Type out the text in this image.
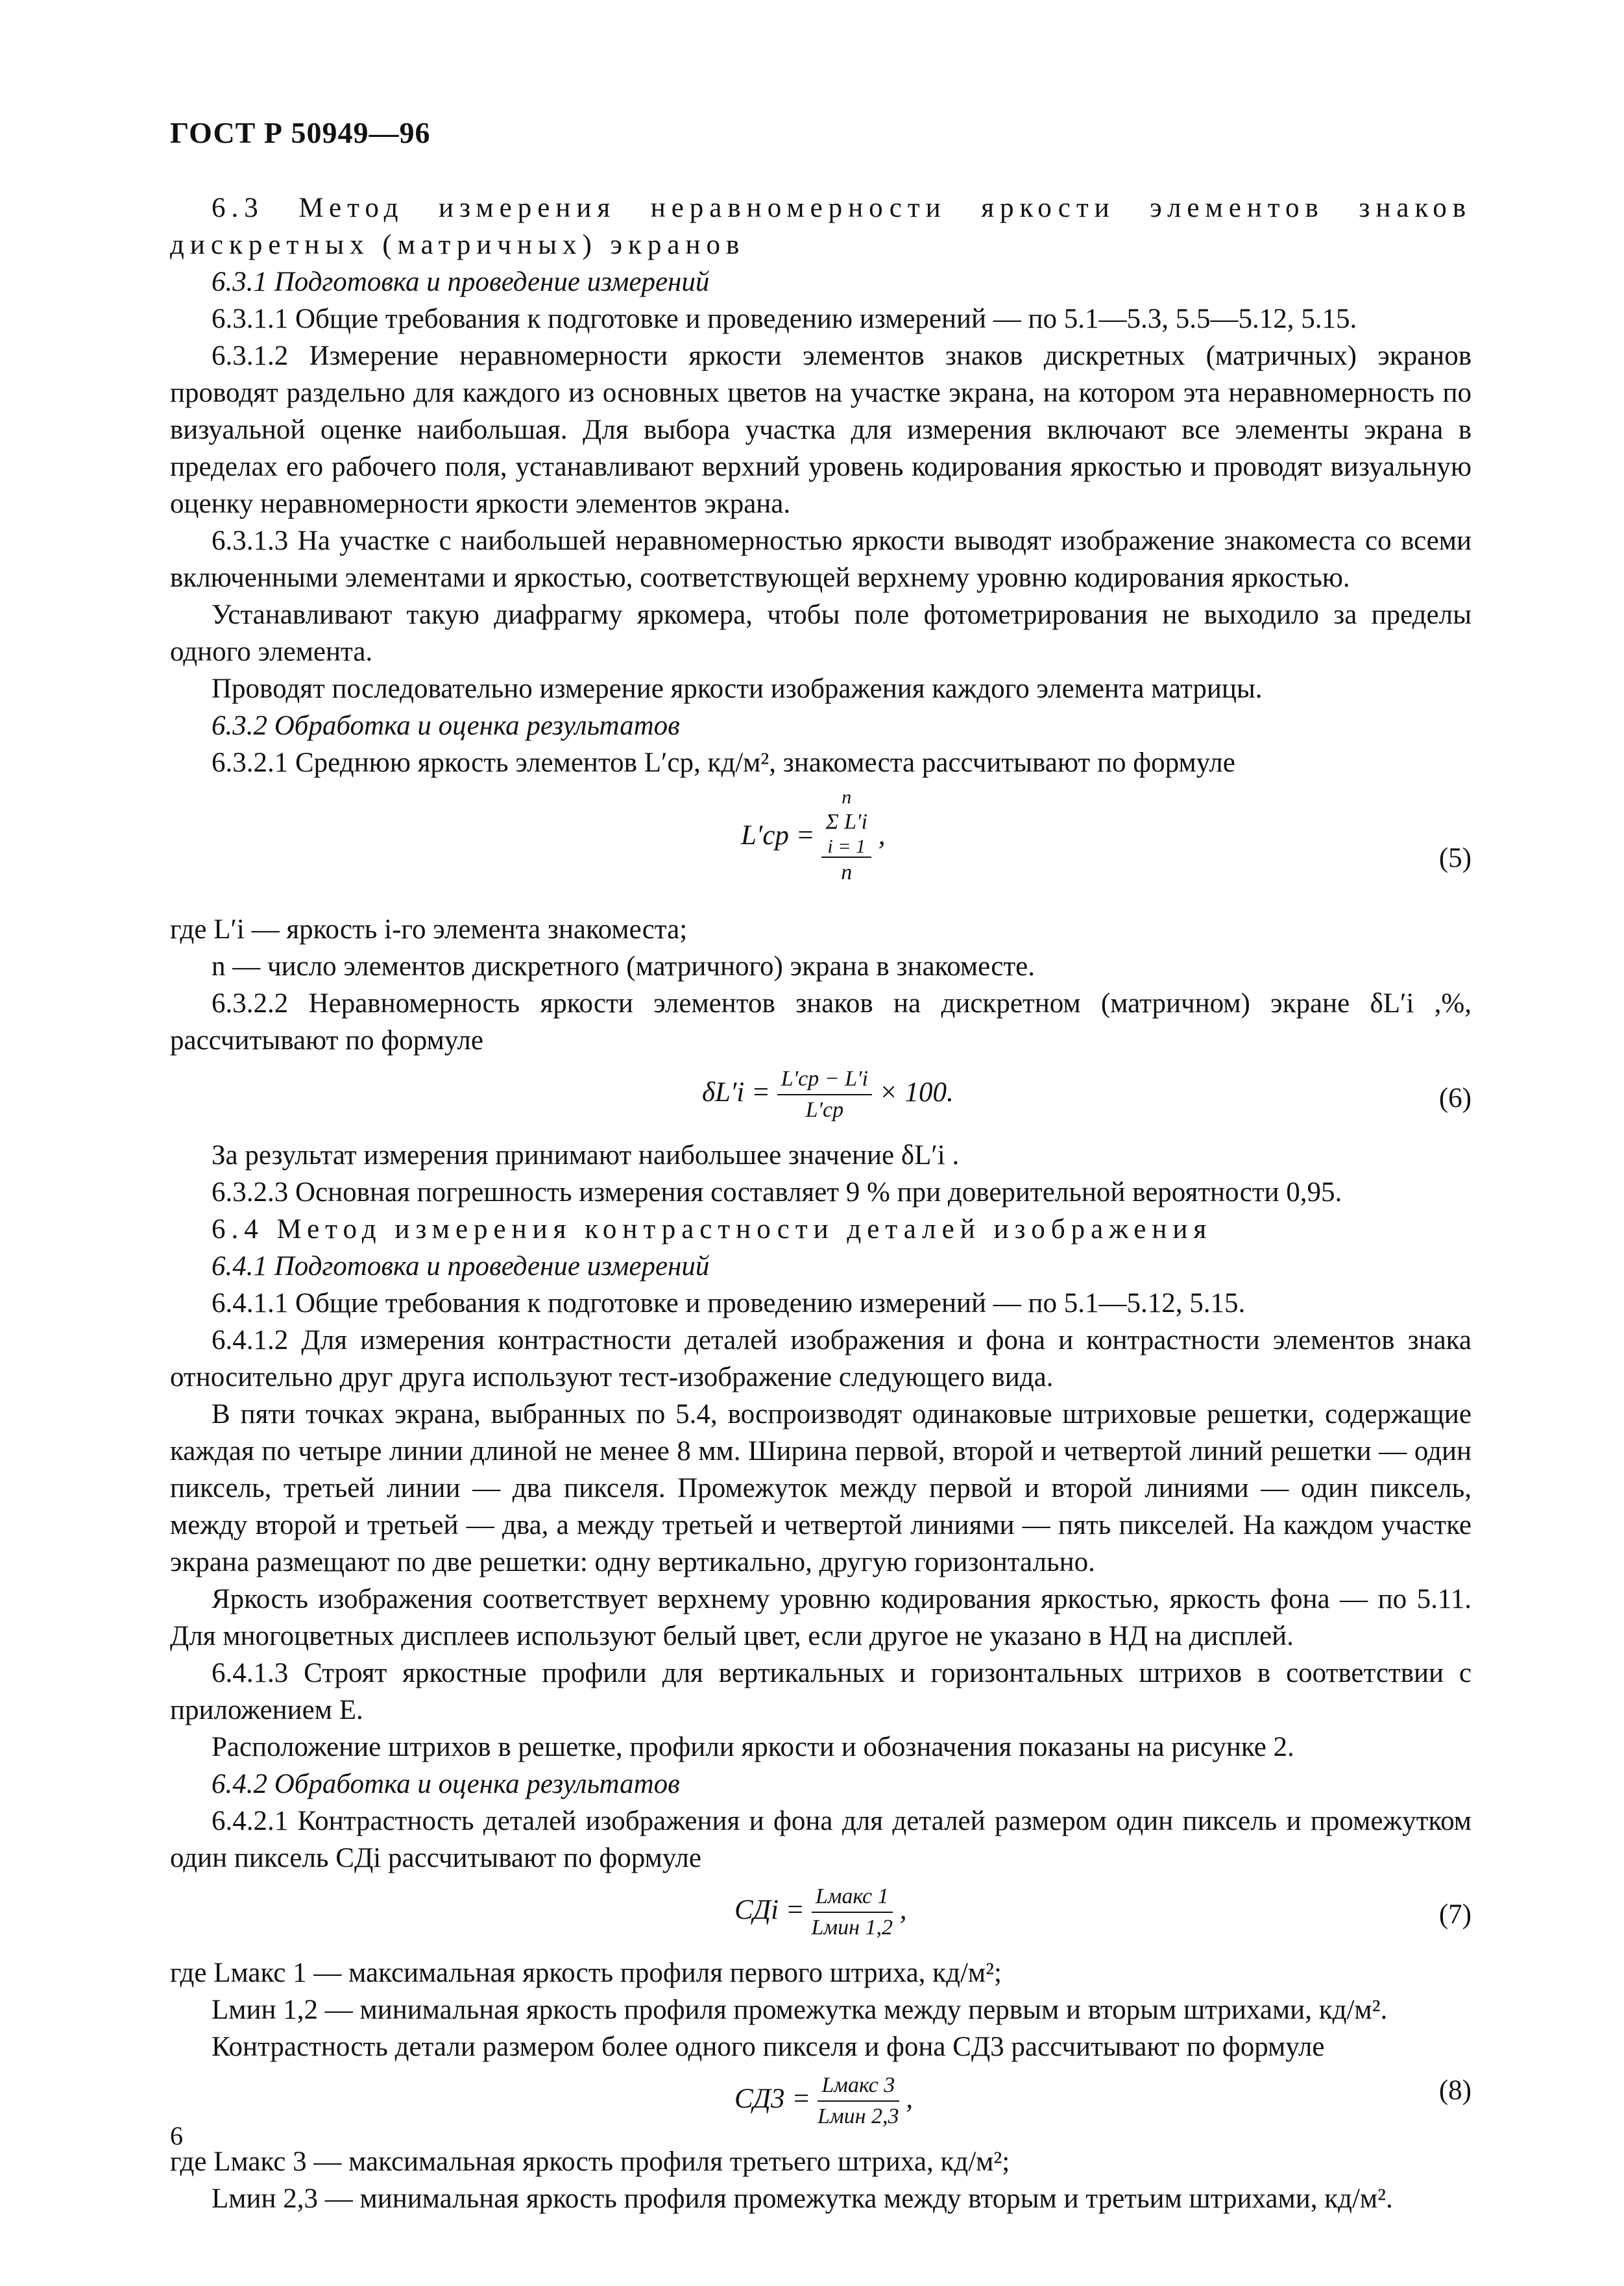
ГОСТ Р 50949—96

6.3 Метод измерения неравномерности яркости элементов знаков дискретных (матричных) экранов

6.3.1 Подготовка и проведение измерений

6.3.1.1 Общие требования к подготовке и проведению измерений — по 5.1—5.3, 5.5—5.12, 5.15.

6.3.1.2 Измерение неравномерности яркости элементов знаков дискретных (матричных) экранов проводят раздельно для каждого из основных цветов на участке экрана, на котором эта неравномерность по визуальной оценке наибольшая. Для выбора участка для измерения включают все элементы экрана в пределах его рабочего поля, устанавливают верхний уровень кодирования яркостью и проводят визуальную оценку неравномерности яркости элементов экрана.

6.3.1.3 На участке с наибольшей неравномерностью яркости выводят изображение знакоместа со всеми включенными элементами и яркостью, соответствующей верхнему уровню кодирования яркостью.

Устанавливают такую диафрагму яркомера, чтобы поле фотометрирования не выходило за пределы одного элемента.

Проводят последовательно измерение яркости изображения каждого элемента матрицы.

6.3.2 Обработка и оценка результатов

6.3.2.1 Среднюю яркость элементов L′ср, кд/м², знакоместа рассчитывают по формуле

L′ср = n
Σ L′i
i = 1
n ,
(5)

где L′i — яркость i-го элемента знакоместа;

n — число элементов дискретного (матричного) экрана в знакоместе.

6.3.2.2 Неравномерность яркости элементов знаков на дискретном (матричном) экране δL′i ,%, рассчитывают по формуле

$\delta L'i = \frac{L'ср - L'i}{L'ср} \times 100$.	(6)

За результат измерения принимают наибольшее значение δL′i .

6.3.2.3 Основная погрешность измерения составляет 9 % при доверительной вероятности 0,95.

6.4 Метод измерения контрастности деталей изображения

6.4.1 Подготовка и проведение измерений

6.4.1.1 Общие требования к подготовке и проведению измерений — по 5.1—5.12, 5.15.

6.4.1.2 Для измерения контрастности деталей изображения и фона и контрастности элементов знака относительно друг друга используют тест-изображение следующего вида.

В пяти точках экрана, выбранных по 5.4, воспроизводят одинаковые штриховые решетки, содержащие каждая по четыре линии длиной не менее 8 мм. Ширина первой, второй и четвертой линий решетки — один пиксель, третьей линии — два пикселя. Промежуток между первой и второй линиями — один пиксель, между второй и третьей — два, а между третьей и четвертой линиями — пять пикселей. На каждом участке экрана размещают по две решетки: одну вертикально, другую горизонтально.

Яркость изображения соответствует верхнему уровню кодирования яркостью, яркость фона — по 5.11. Для многоцветных дисплеев используют белый цвет, если другое не указано в НД на дисплей.

6.4.1.3 Строят яркостные профили для вертикальных и горизонтальных штрихов в соответствии с приложением Е.

Расположение штрихов в решетке, профили яркости и обозначения показаны на рисунке 2.

6.4.2 Обработка и оценка результатов

6.4.2.1 Контрастность деталей изображения и фона для деталей размером один пиксель и промежутком один пиксель CДi рассчитывают по формуле

CДi = $\frac{\text{Lмакс 1}}{\text{Lмин 1,2}}$ ,	(7)

где Lмакс 1 — максимальная яркость профиля первого штриха, кд/м²;

Lмин 1,2 — минимальная яркость профиля промежутка между первым и вторым штрихами, кд/м².

Контрастность детали размером более одного пикселя и фона CД3 рассчитывают по формуле

$CД3 = \frac{\text{Lмакс 3}}{\text{Lмин 2,3}}$ ,	(8)

где Lмакс 3 — максимальная яркость профиля третьего штриха, кд/м²;

Lмин 2,3 — минимальная яркость профиля промежутка между вторым и третьим штрихами, кд/м².

6
